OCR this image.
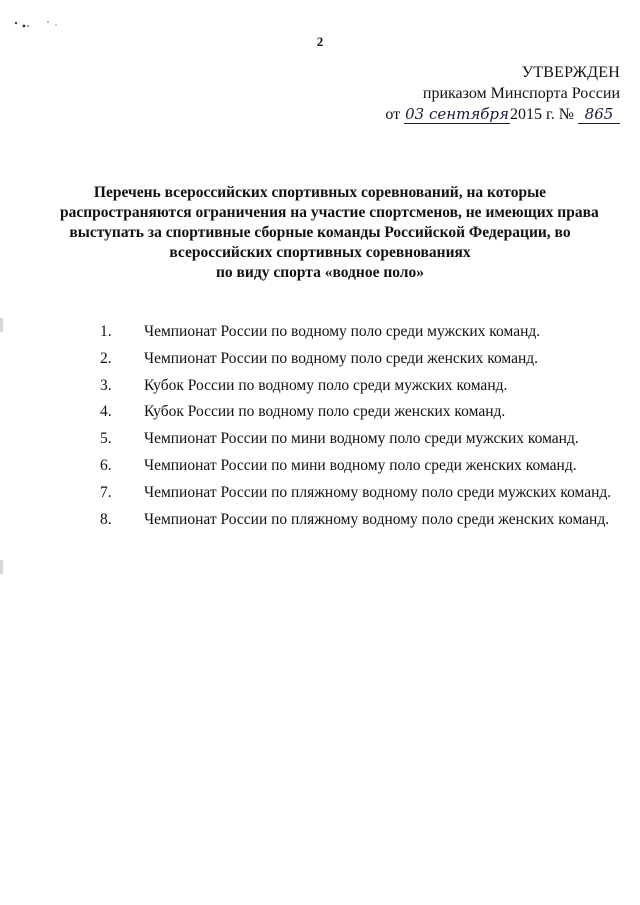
2
УТВЕРЖДЕН
приказом Минспорта России
от 03 сентября2015 г. № 865
Перечень всероссийских спортивных соревнований, на которые
распространяются ограничения на участие спортсменов, не имеющих права
выступать за спортивные сборные команды Российской Федерации, во
всероссийских спортивных соревнованиях
по виду спорта «водное поло»
1.	Чемпионат России по водному поло среди мужских команд.
2.	Чемпионат России по водному поло среди женских команд.
3.	Кубок России по водному поло среди мужских команд.
4.	Кубок России по водному поло среди женских команд.
5.	Чемпионат России по мини водному поло среди мужских команд.
6.	Чемпионат России по мини водному поло среди женских команд.
7.	Чемпионат России по пляжному водному поло среди мужских команд.
8.	Чемпионат России по пляжному водному поло среди женских команд.
